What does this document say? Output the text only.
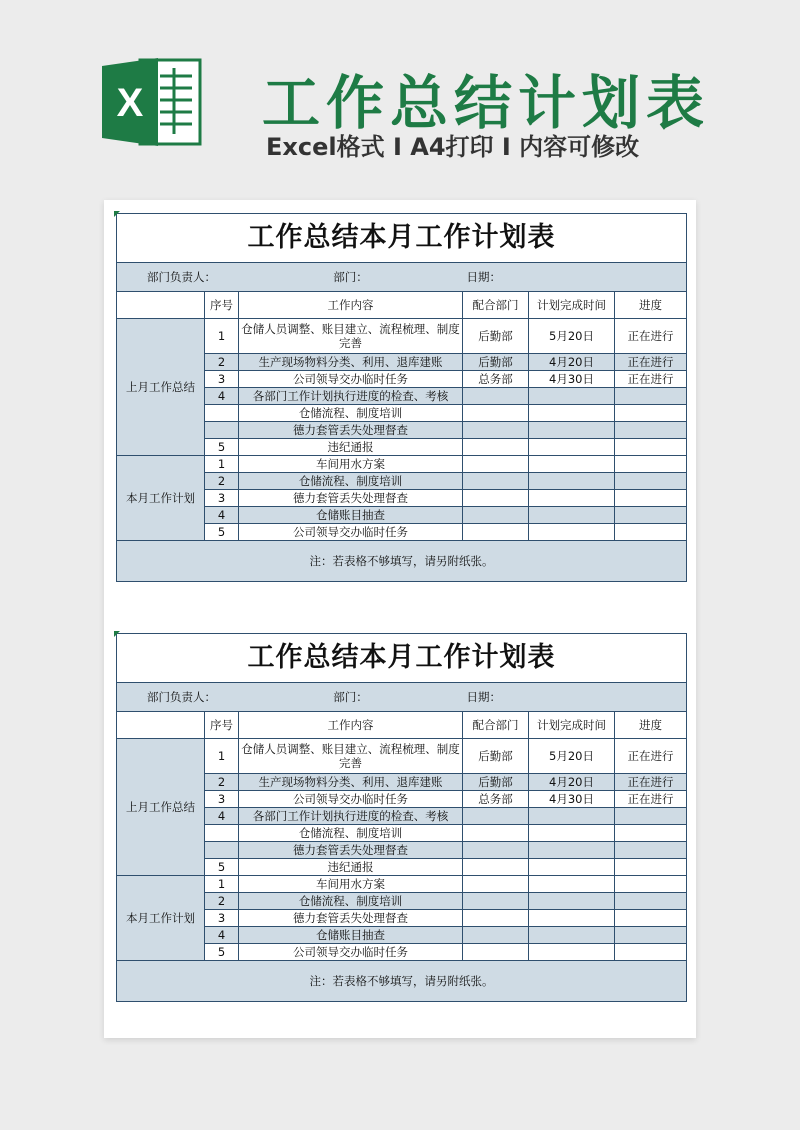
X 工作总结计划表
Excel格式 I A4打印 I 内容可修改
工作总结本月工作计划表					
部门负责人：		部门：	日期：		
	序号	工作内容	配合部门	计划完成时间	进度
上月工作总结	1	仓储人员调整、账目建立、流程梳理、制度完善	后勤部	5月20日	正在进行
	2	生产现场物料分类、利用、退库建账	后勤部	4月20日	正在进行
	3	公司领导交办临时任务	总务部	4月30日	正在进行
	4	各部门工作计划执行进度的检查、考核			
		仓储流程、制度培训			
		德力套管丢失处理督查			
	5	违纪通报			
本月工作计划	1	车间用水方案			
	2	仓储流程、制度培训			
	3	德力套管丢失处理督查			
	4	仓储账目抽查			
	5	公司领导交办临时任务			
注：若表格不够填写，请另附纸张。					
工作总结本月工作计划表					
部门负责人：		部门：	日期：		
	序号	工作内容	配合部门	计划完成时间	进度
上月工作总结	1	仓储人员调整、账目建立、流程梳理、制度完善	后勤部	5月20日	正在进行
	2	生产现场物料分类、利用、退库建账	后勤部	4月20日	正在进行
	3	公司领导交办临时任务	总务部	4月30日	正在进行
	4	各部门工作计划执行进度的检查、考核			
		仓储流程、制度培训			
		德力套管丢失处理督查			
	5	违纪通报			
本月工作计划	1	车间用水方案			
	2	仓储流程、制度培训			
	3	德力套管丢失处理督查			
	4	仓储账目抽查			
	5	公司领导交办临时任务			
注：若表格不够填写，请另附纸张。					
